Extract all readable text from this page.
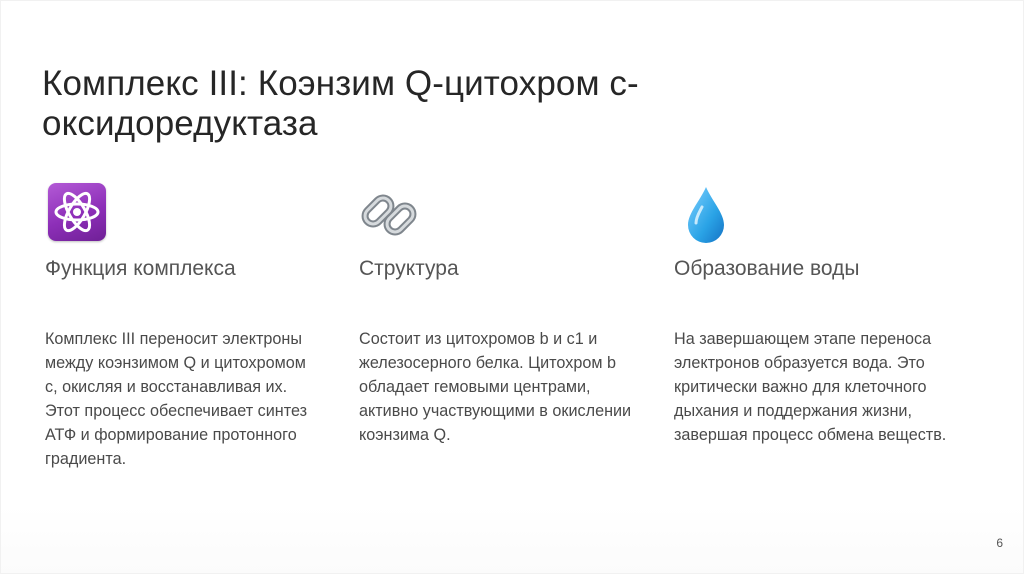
Комплекс III: Коэнзим Q-цитохром с-оксидоредуктаза
Функция комплекса
Комплекс III переносит электроны между коэнзимом Q и цитохромом с, окисляя и восстанавливая их. Этот процесс обеспечивает синтез АТФ и формирование протонного градиента.
Структура
Состоит из цитохромов b и c1 и железосерного белка. Цитохром b обладает гемовыми центрами, активно участвующими в окислении коэнзима Q.
Образование воды
На завершающем этапе переноса электронов образуется вода. Это критически важно для клеточного дыхания и поддержания жизни, завершая процесс обмена веществ.
6
